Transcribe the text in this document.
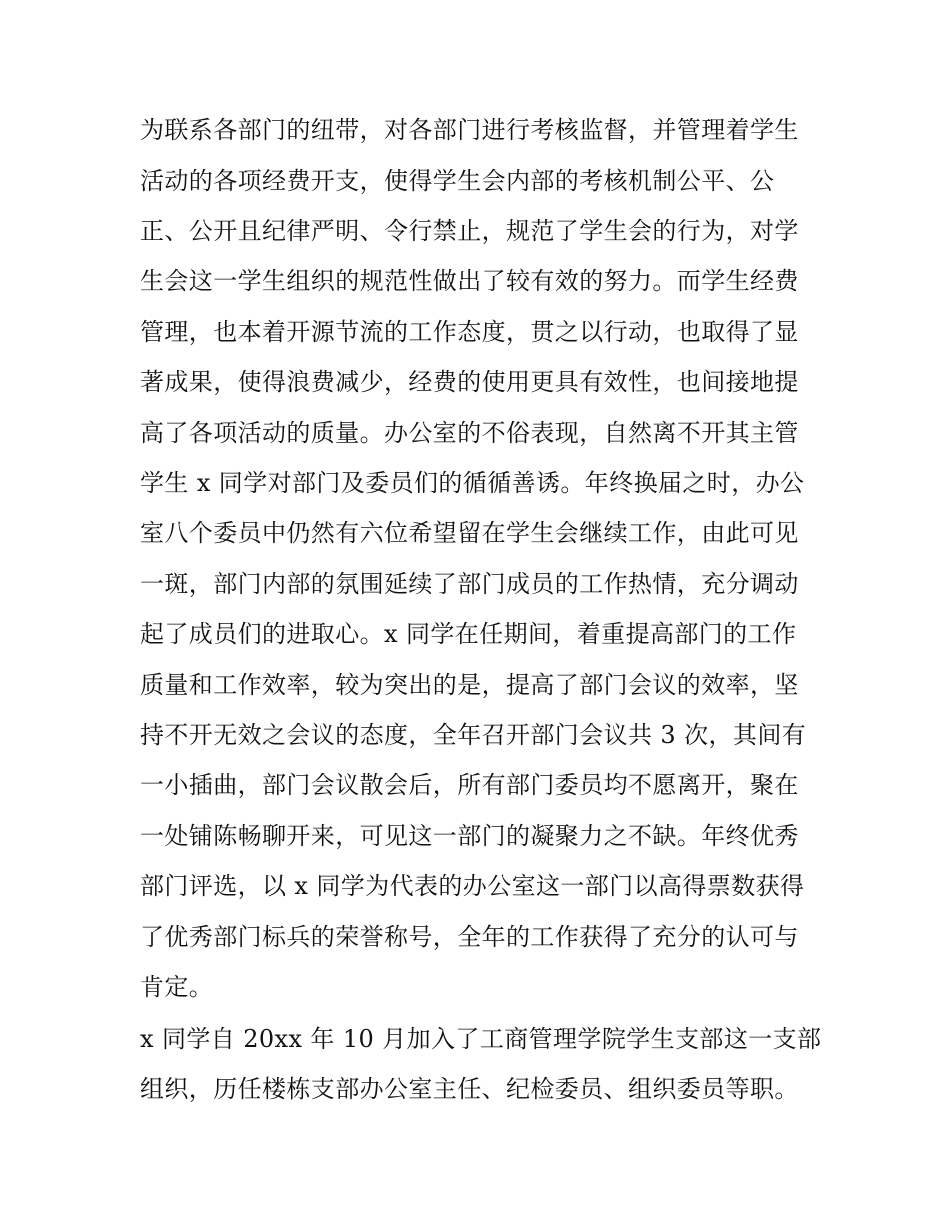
为联系各部门的纽带，对各部门进行考核监督，并管理着学生
活动的各项经费开支，使得学生会内部的考核机制公平、公
正、公开且纪律严明、令行禁止，规范了学生会的行为，对学
生会这一学生组织的规范性做出了较有效的努力。而学生经费
管理，也本着开源节流的工作态度，贯之以行动，也取得了显
著成果，使得浪费减少，经费的使用更具有效性，也间接地提
高了各项活动的质量。办公室的不俗表现，自然离不开其主管
学生 x 同学对部门及委员们的循循善诱。年终换届之时，办公
室八个委员中仍然有六位希望留在学生会继续工作，由此可见
一斑，部门内部的氛围延续了部门成员的工作热情，充分调动
起了成员们的进取心。x 同学在任期间，着重提高部门的工作
质量和工作效率，较为突出的是，提高了部门会议的效率，坚
持不开无效之会议的态度，全年召开部门会议共 3 次，其间有
一小插曲，部门会议散会后，所有部门委员均不愿离开，聚在
一处铺陈畅聊开来，可见这一部门的凝聚力之不缺。年终优秀
部门评选，以 x 同学为代表的办公室这一部门以高得票数获得
了优秀部门标兵的荣誉称号，全年的工作获得了充分的认可与
肯定。
x 同学自 20xx 年 10 月加入了工商管理学院学生支部这一支部
组织，历任楼栋支部办公室主任、纪检委员、组织委员等职。
